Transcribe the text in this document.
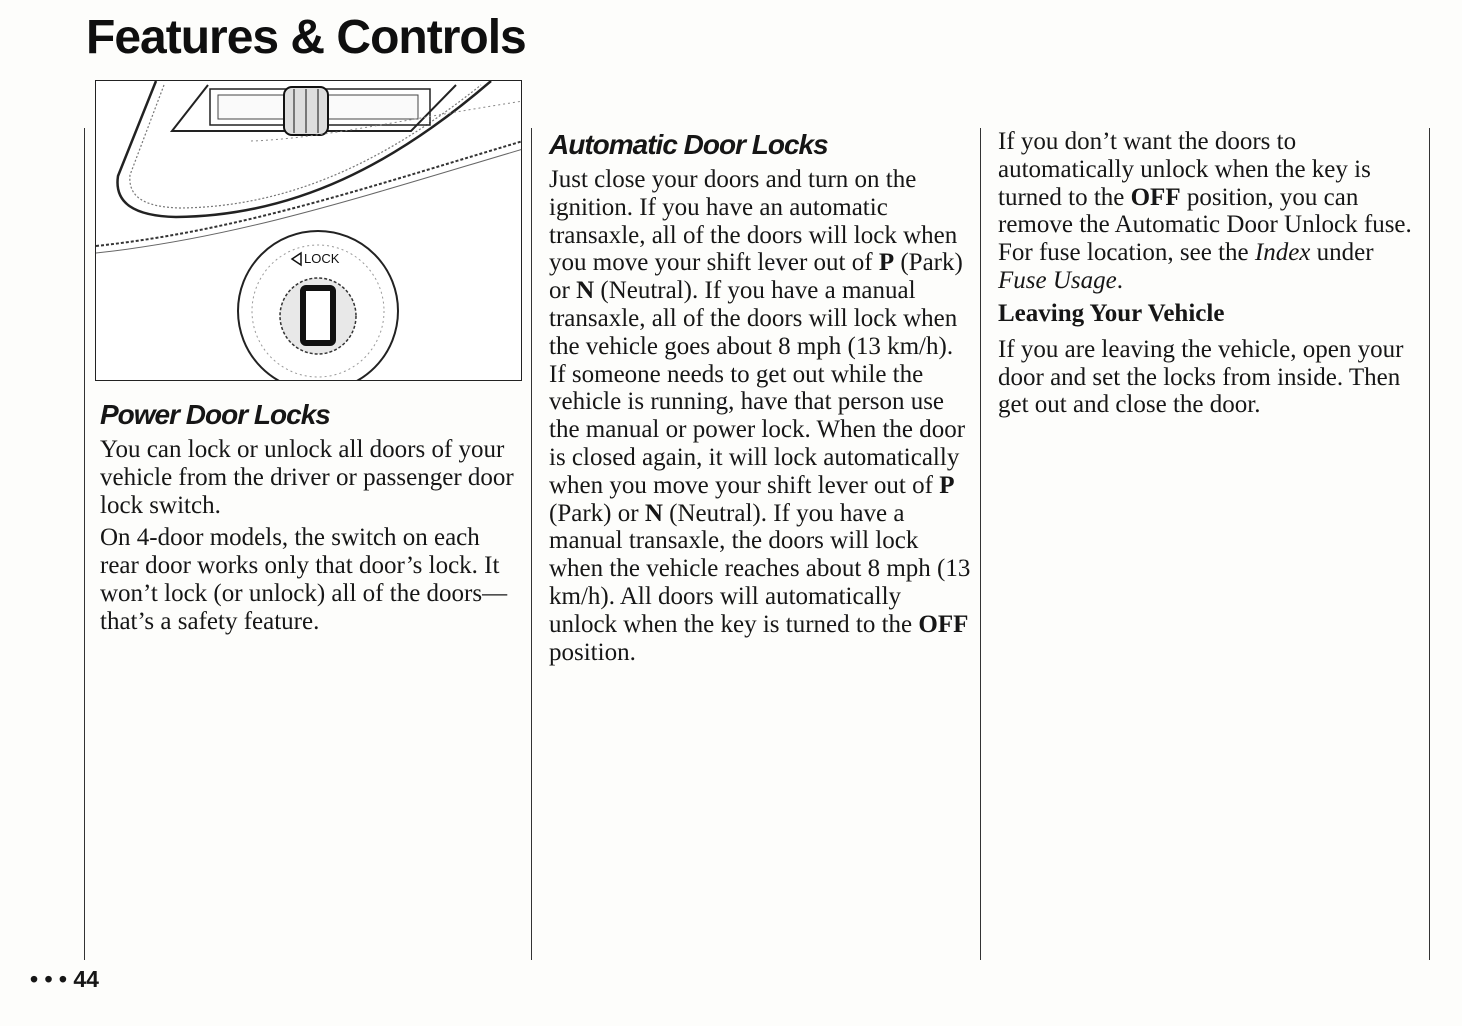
Features & Controls
LOCK
Power Door Locks

You can lock or unlock all doors of your vehicle from the driver or passenger door lock switch.

On 4-door models, the switch on each rear door works only that door’s lock. It won’t lock (or unlock) all of the doors—that’s a safety feature.

Automatic Door Locks

Just close your doors and turn on the ignition. If you have an automatic transaxle, all of the doors will lock when you move your shift lever out of P (Park) or N (Neutral). If you have a manual transaxle, all of the doors will lock when the vehicle goes about 8 mph (13 km/h). If someone needs to get out while the vehicle is running, have that person use the manual or power lock. When the door is closed again, it will lock automatically when you move your shift lever out of P (Park) or N (Neutral). If you have a manual transaxle, the doors will lock when the vehicle reaches about 8 mph (13 km/h). All doors will automatically unlock when the key is turned to the OFF position.

If you don’t want the doors to automatically unlock when the key is turned to the OFF position, you can remove the Automatic Door Unlock fuse. For fuse location, see the Index under Fuse Usage.

Leaving Your Vehicle

If you are leaving the vehicle, open your door and set the locks from inside. Then get out and close the door.

• • • 44
